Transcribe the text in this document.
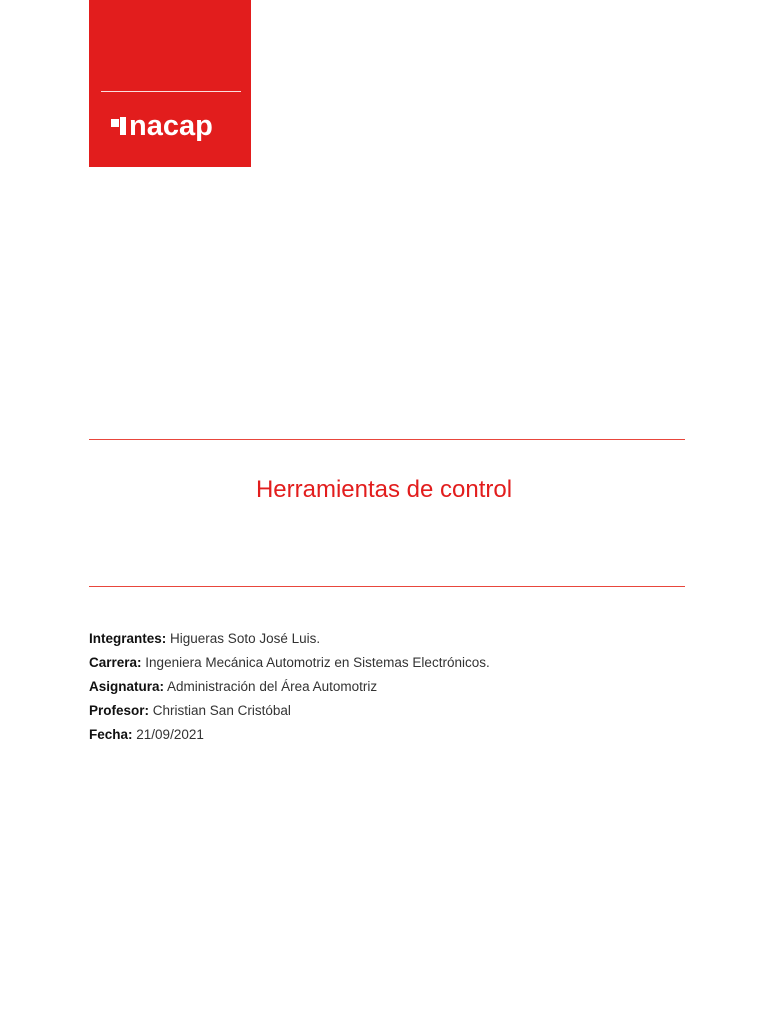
nacap
Herramientas de control
Integrantes: Higueras Soto José Luis.
Carrera: Ingeniera Mecánica Automotriz en Sistemas Electrónicos.
Asignatura: Administración del Área Automotriz
Profesor: Christian San Cristóbal
Fecha: 21/09/2021
